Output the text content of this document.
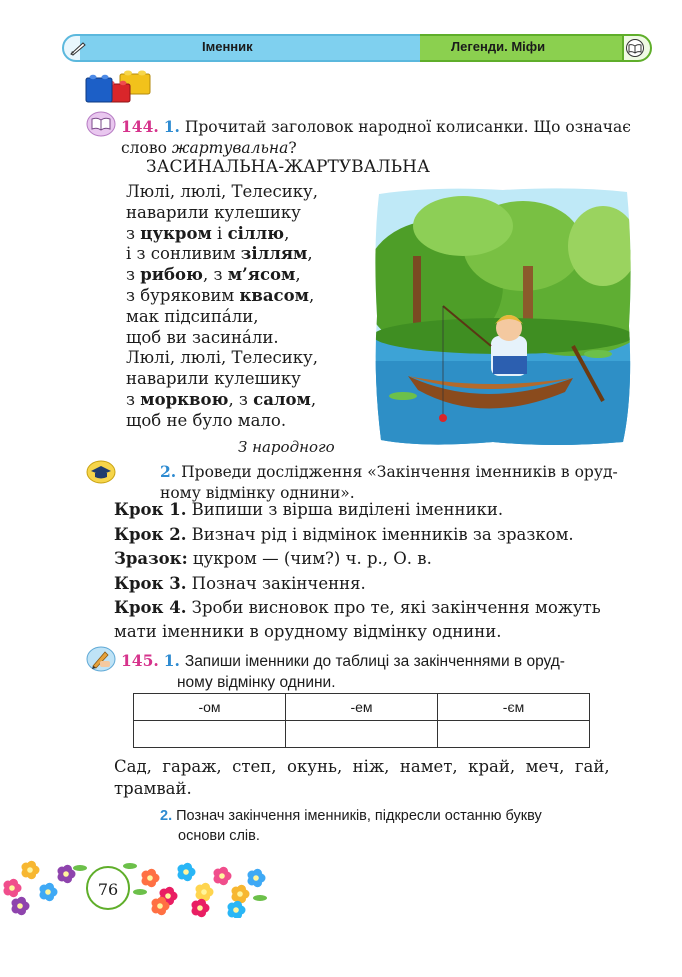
Іменник	Легенди. Міфи
144. 1. Прочитай заголовок народної колисанки. Що означає
слово жартувальна?
ЗАСИНАЛЬНА-ЖАРТУВАЛЬНА
Люлі, люлі, Телесику,
наварили кулешику
з цукром і сіллю,
і з сонливим зіллям,
з рибою, з м’ясом,
з буряковим квасом,
мак підсипáли,
щоб ви засинáли.
Люлі, люлі, Телесику,
наварили кулешику
з морквою, з салом,
щоб не було мало.
З народного
2. Проведи дослідження «Закінчення іменників в оруд-
ному відмінку однини».
Крок 1. Випиши з вірша виділені іменники.
Крок 2. Визнач рід і відмінок іменників за зразком.
Зразок: цукром — (чим?) ч. р., О. в.
Крок 3. Познач закінчення.
Крок 4. Зроби висновок про те, які закінчення можуть
мати іменники в орудному відмінку однини.
145. 1. Запиши іменники до таблиці за закінченнями в оруд-
ному відмінку однини.
-ом	-ем	-єм

Сад,  гараж,  степ,  окунь,  ніж,  намет,  край,  меч,  гай,
трамвай.
2. Познач закінчення іменників, підкресли останню букву
основи слів.
76
